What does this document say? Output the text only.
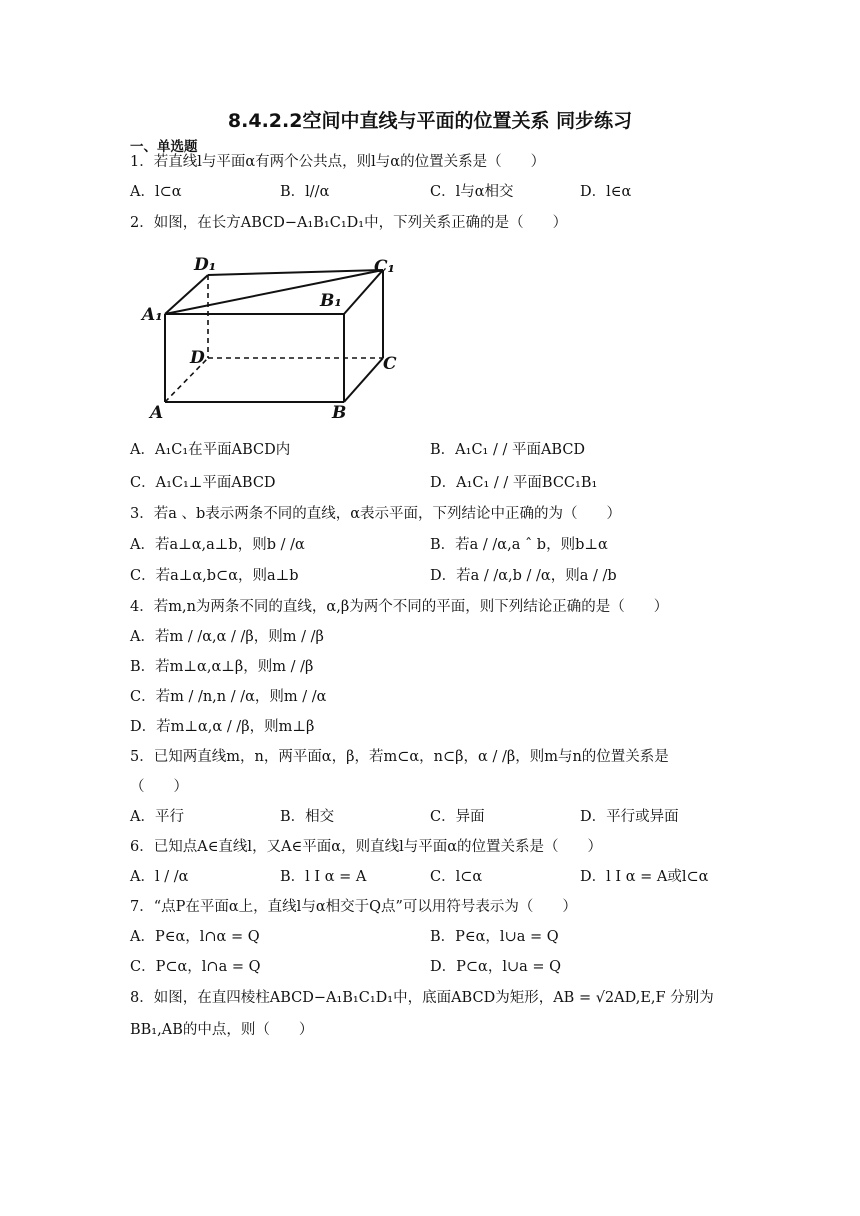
8.4.2.2空间中直线与平面的位置关系 同步练习
一、单选题
1．若直线l与平面α有两个公共点，则l与α的位置关系是（　　）
A．l⊂α	B．l//α	C．l与α相交	D．l∈α
2．如图，在长方ABCD−A₁B₁C₁D₁中，下列关系正确的是（　　）
D₁	C₁
B₁
A₁
D	C
A	B
A．A₁C₁在平面ABCD内	B．A₁C₁ / / 平面ABCD
C．A₁C₁⊥平面ABCD	D．A₁C₁ / / 平面BCC₁B₁
3．若a 、b表示两条不同的直线，α表示平面，下列结论中正确的为（　　）
A．若a⊥α,a⊥b，则b / /α	B．若a / /α,a ˆ b，则b⊥α
C．若a⊥α,b⊂α，则a⊥b	D．若a / /α,b / /α，则a / /b
4．若m,n为两条不同的直线，α,β为两个不同的平面，则下列结论正确的是（　　）
A．若m / /α,α / /β，则m / /β
B．若m⊥α,α⊥β，则m / /β
C．若m / /n,n / /α，则m / /α
D．若m⊥α,α / /β，则m⊥β
5．已知两直线m，n，两平面α，β，若m⊂α，n⊂β，α / /β，则m与n的位置关系是
（　　）
A．平行	B．相交	C．异面	D．平行或异面
6．已知点A∈直线l，又A∈平面α，则直线l与平面α的位置关系是（　　）
A．l / /α	B．l I α = A	C．l⊂α	D．l I α = A或l⊂α
7．“点P在平面α上，直线l与α相交于Q点”可以用符号表示为（　　）
A．P∈α，l∩α = Q	B．P∈α，l∪a = Q
C．P⊂α，l∩a = Q	D．P⊂α，l∪a = Q
8．如图，在直四棱柱ABCD−A₁B₁C₁D₁中，底面ABCD为矩形，AB = √2AD,E,F 分别为
BB₁,AB的中点，则（　　）
